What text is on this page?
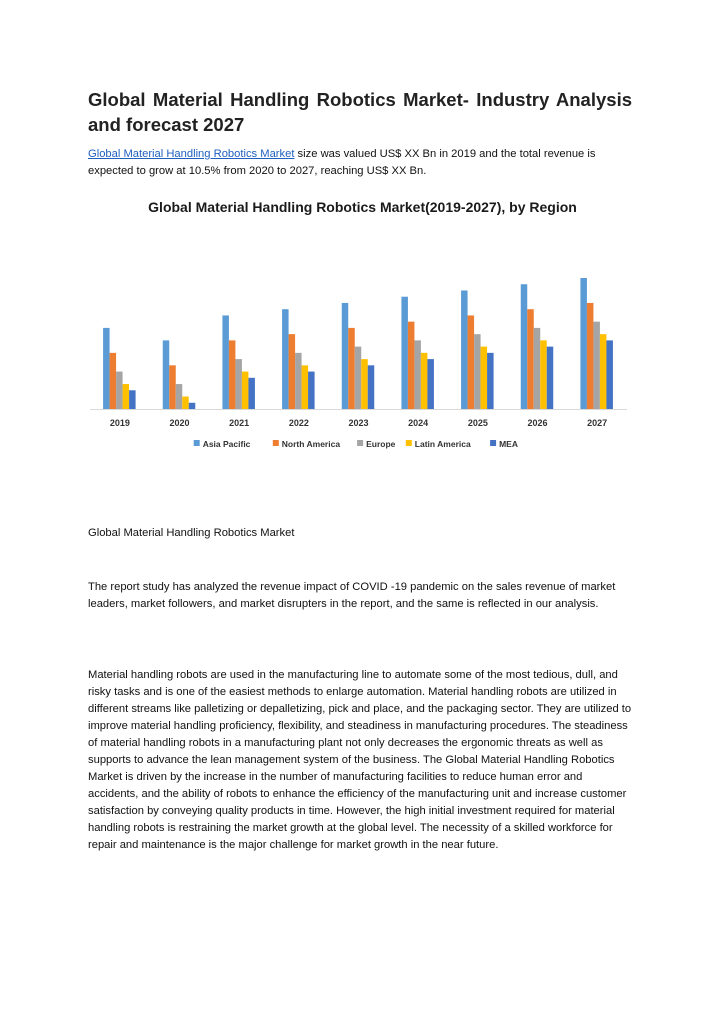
Global Material Handling Robotics Market- Industry Analysis and forecast 2027

Global Material Handling Robotics Market size was valued US$ XX Bn in 2019 and the total revenue is expected to grow at 10.5% from 2020 to 2027, reaching US$ XX Bn.

2019	2020	2021	2022	2023	2024	2025	2026	2027
Asia Pacific	North America	Europe Latin America	MEA

Global Material Handling Robotics Market(2019-2027), by Region

Global Material Handling Robotics Market

The report study has analyzed the revenue impact of COVID -19 pandemic on the sales revenue of market leaders, market followers, and market disrupters in the report, and the same is reflected in our analysis.

Material handling robots are used in the manufacturing line to automate some of the most tedious, dull, and risky tasks and is one of the easiest methods to enlarge automation. Material handling robots are utilized in different streams like palletizing or depalletizing, pick and place, and the packaging sector. They are utilized to improve material handling proficiency, flexibility, and steadiness in manufacturing procedures. The steadiness of material handling robots in a manufacturing plant not only decreases the ergonomic threats as well as supports to advance the lean management system of the business. The Global Material Handling Robotics Market is driven by the increase in the number of manufacturing facilities to reduce human error and accidents, and the ability of robots to enhance the efficiency of the manufacturing unit and increase customer satisfaction by conveying quality products in time. However, the high initial investment required for material handling robots is restraining the market growth at the global level. The necessity of a skilled workforce for repair and maintenance is the major challenge for market growth in the near future.
